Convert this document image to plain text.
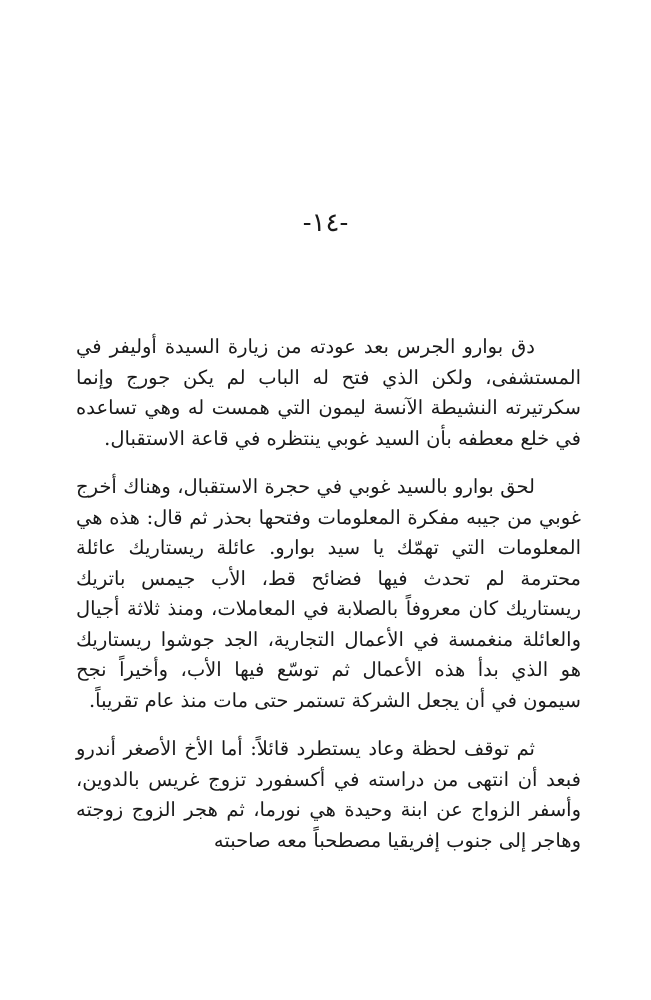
-١٤-

دق بوارو الجرس بعد عودته من زيارة السيدة أوليفر في المستشفى، ولكن الذي فتح له الباب لم يكن جورج وإنما سكرتيرته النشيطة الآنسة ليمون التي همست له وهي تساعده في خلع معطفه بأن السيد غوبي ينتظره في قاعة الاستقبال.

لحق بوارو بالسيد غوبي في حجرة الاستقبال، وهناك أخرج غوبي من جيبه مفكرة المعلومات وفتحها بحذر ثم قال: هذه هي المعلومات التي تهمّك يا سيد بوارو. عائلة ريستاريك عائلة محترمة لم تحدث فيها فضائح قط، الأب جيمس باتريك ريستاريك كان معروفاً بالصلابة في المعاملات، ومنذ ثلاثة أجيال والعائلة منغمسة في الأعمال التجارية، الجد جوشوا ريستاريك هو الذي بدأ هذه الأعمال ثم توسّع فيها الأب، وأخيراً نجح سيمون في أن يجعل الشركة تستمر حتى مات منذ عام تقريباً.

ثم توقف لحظة وعاد يستطرد قائلاً: أما الأخ الأصغر أندرو فبعد أن انتهى من دراسته في أكسفورد تزوج غريس بالدوين، وأسفر الزواج عن ابنة وحيدة هي نورما، ثم هجر الزوج زوجته وهاجر إلى جنوب إفريقيا مصطحباً معه صاحبته
